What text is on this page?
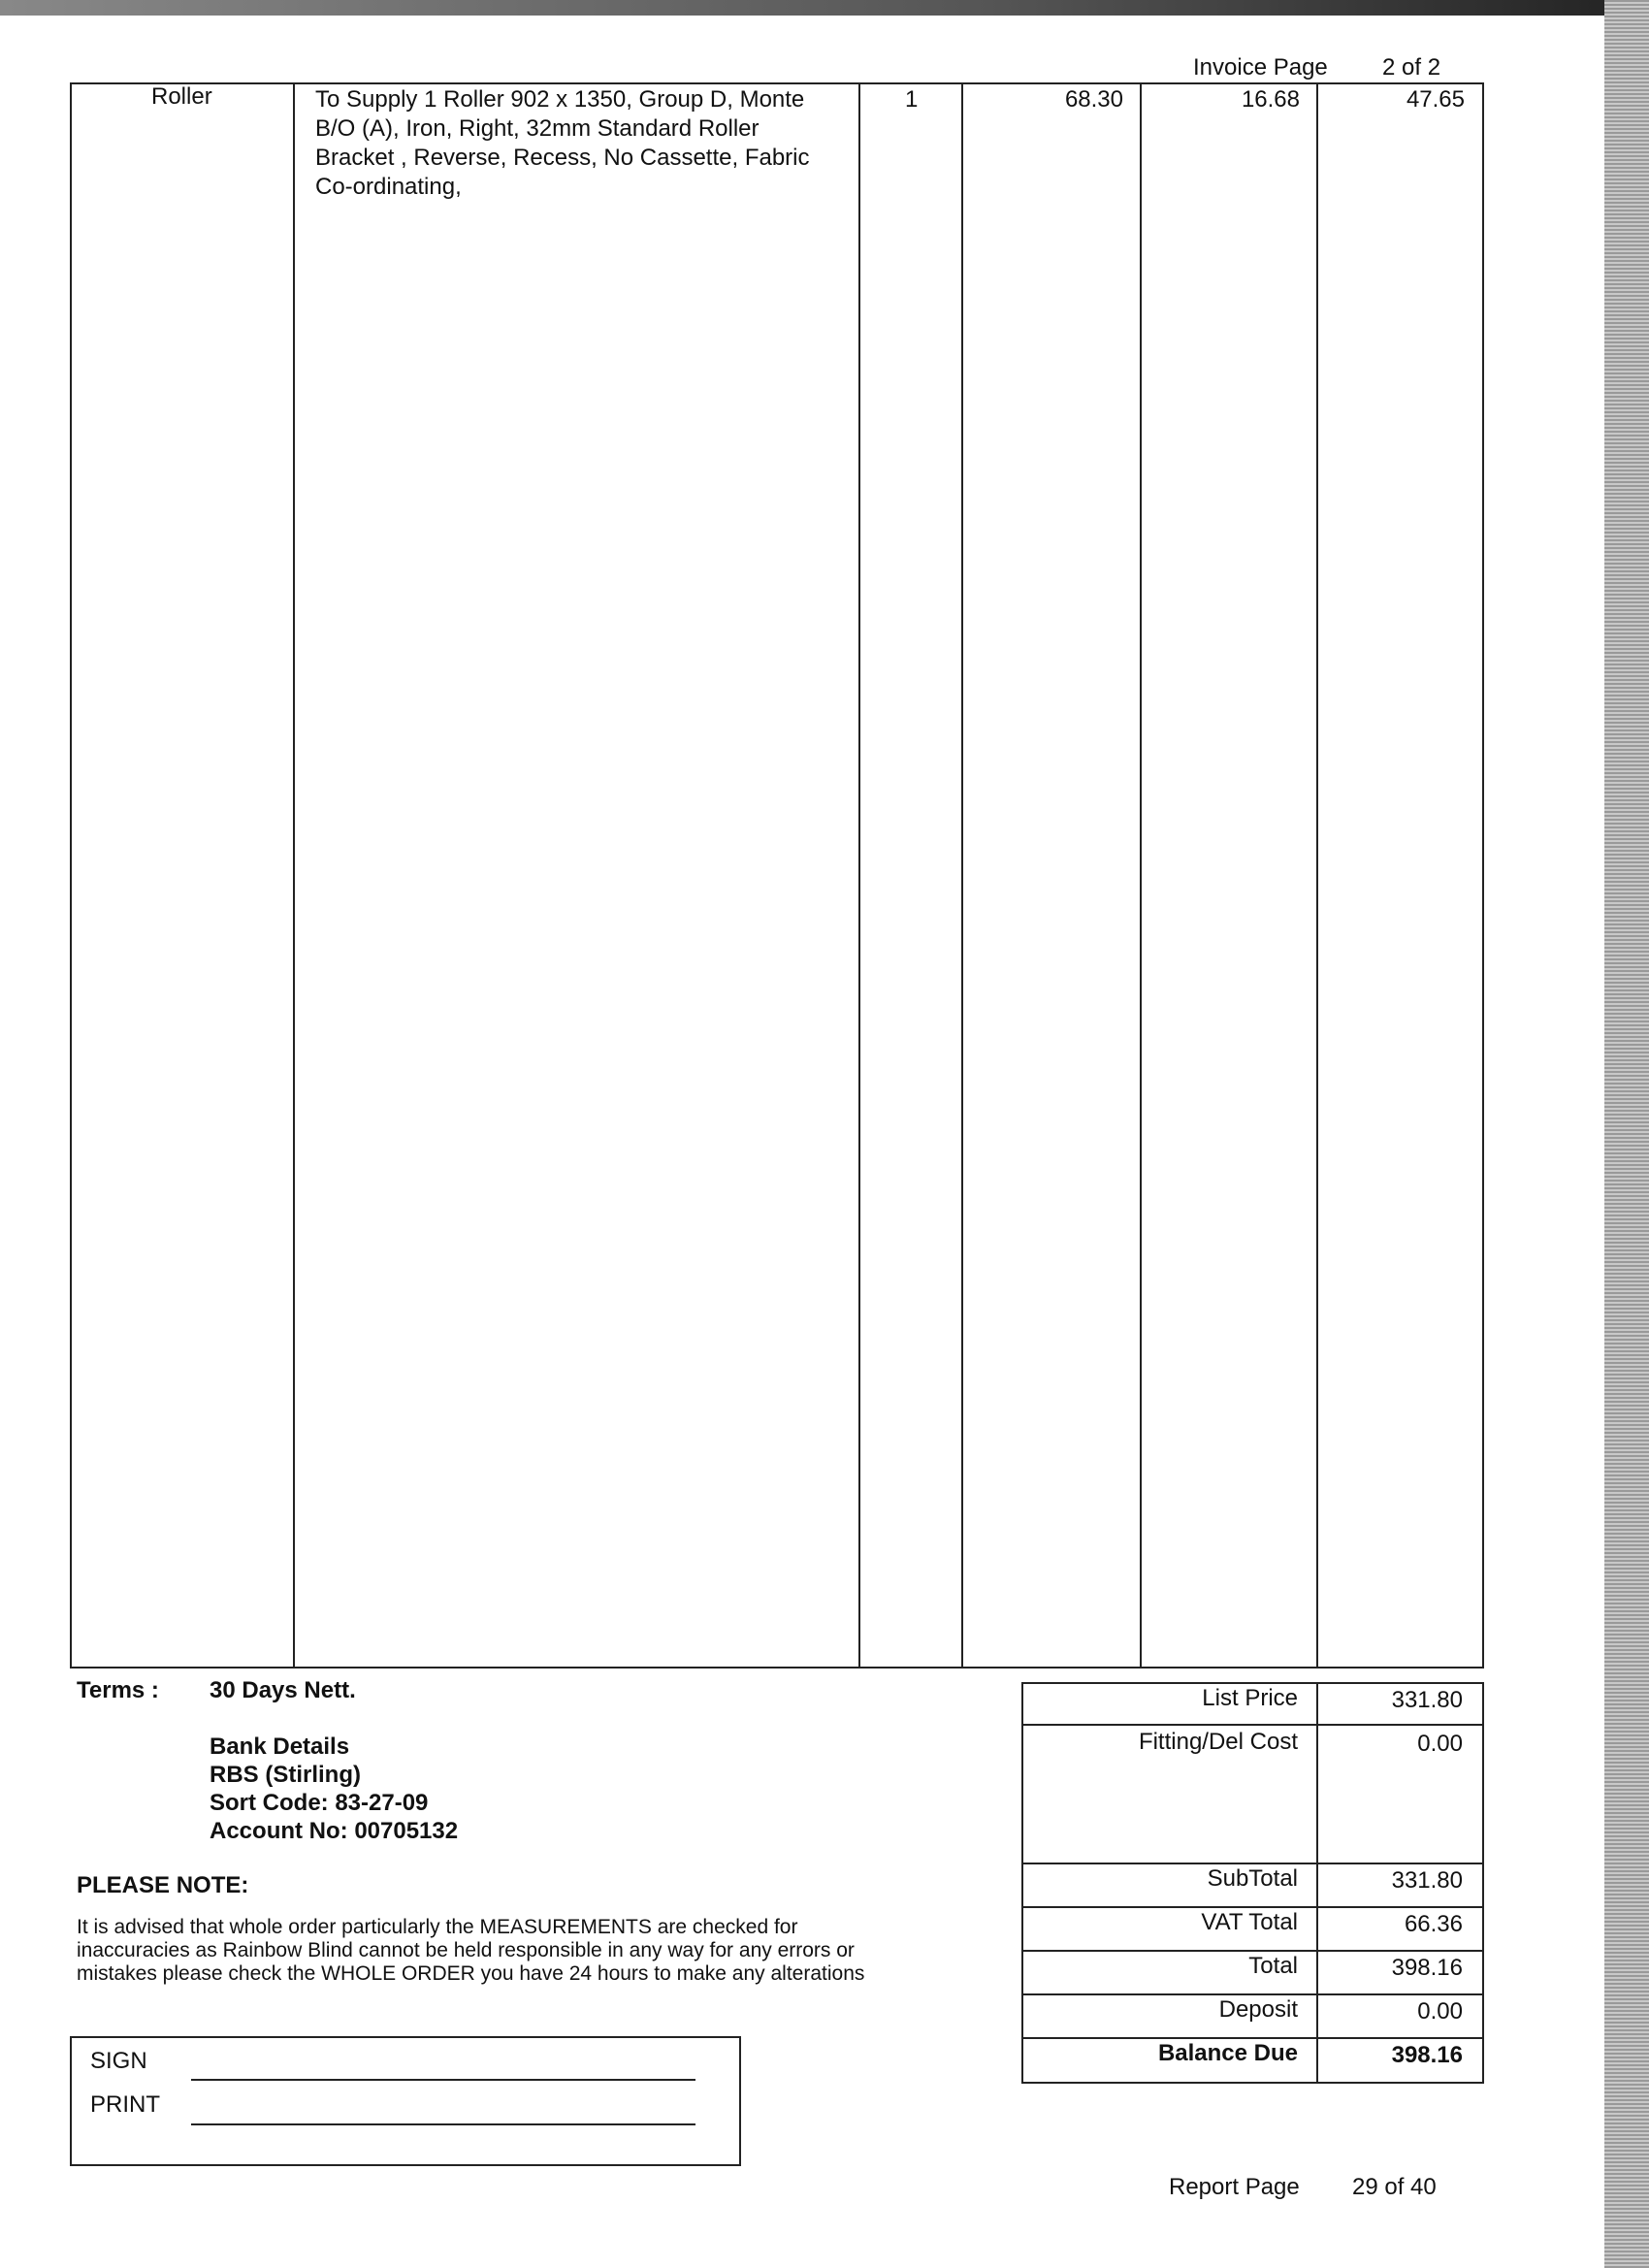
Invoice Page 2 of 2
Roller	To Supply 1 Roller 902 x 1350, Group D, Monte
B/O (A), Iron, Right, 32mm Standard Roller
Bracket , Reverse, Recess, No Cassette, Fabric
Co-ordinating,
1	68.30	16.68	47.65
Terms : 30 Days Nett.
Bank Details
RBS (Stirling)
Sort Code: 83-27-09
Account No: 00705132
PLEASE NOTE:
It is advised that whole order particularly the MEASUREMENTS are checked for
inaccuracies as Rainbow Blind cannot be held responsible in any way for any errors or
mistakes please check the WHOLE ORDER you have 24 hours to make any alterations
SIGN
PRINT
List Price	331.80
Fitting/Del Cost	0.00
SubTotal	331.80
VAT Total	66.36
Total	398.16
Deposit	0.00
Balance Due	398.16
Report Page 29 of 40
